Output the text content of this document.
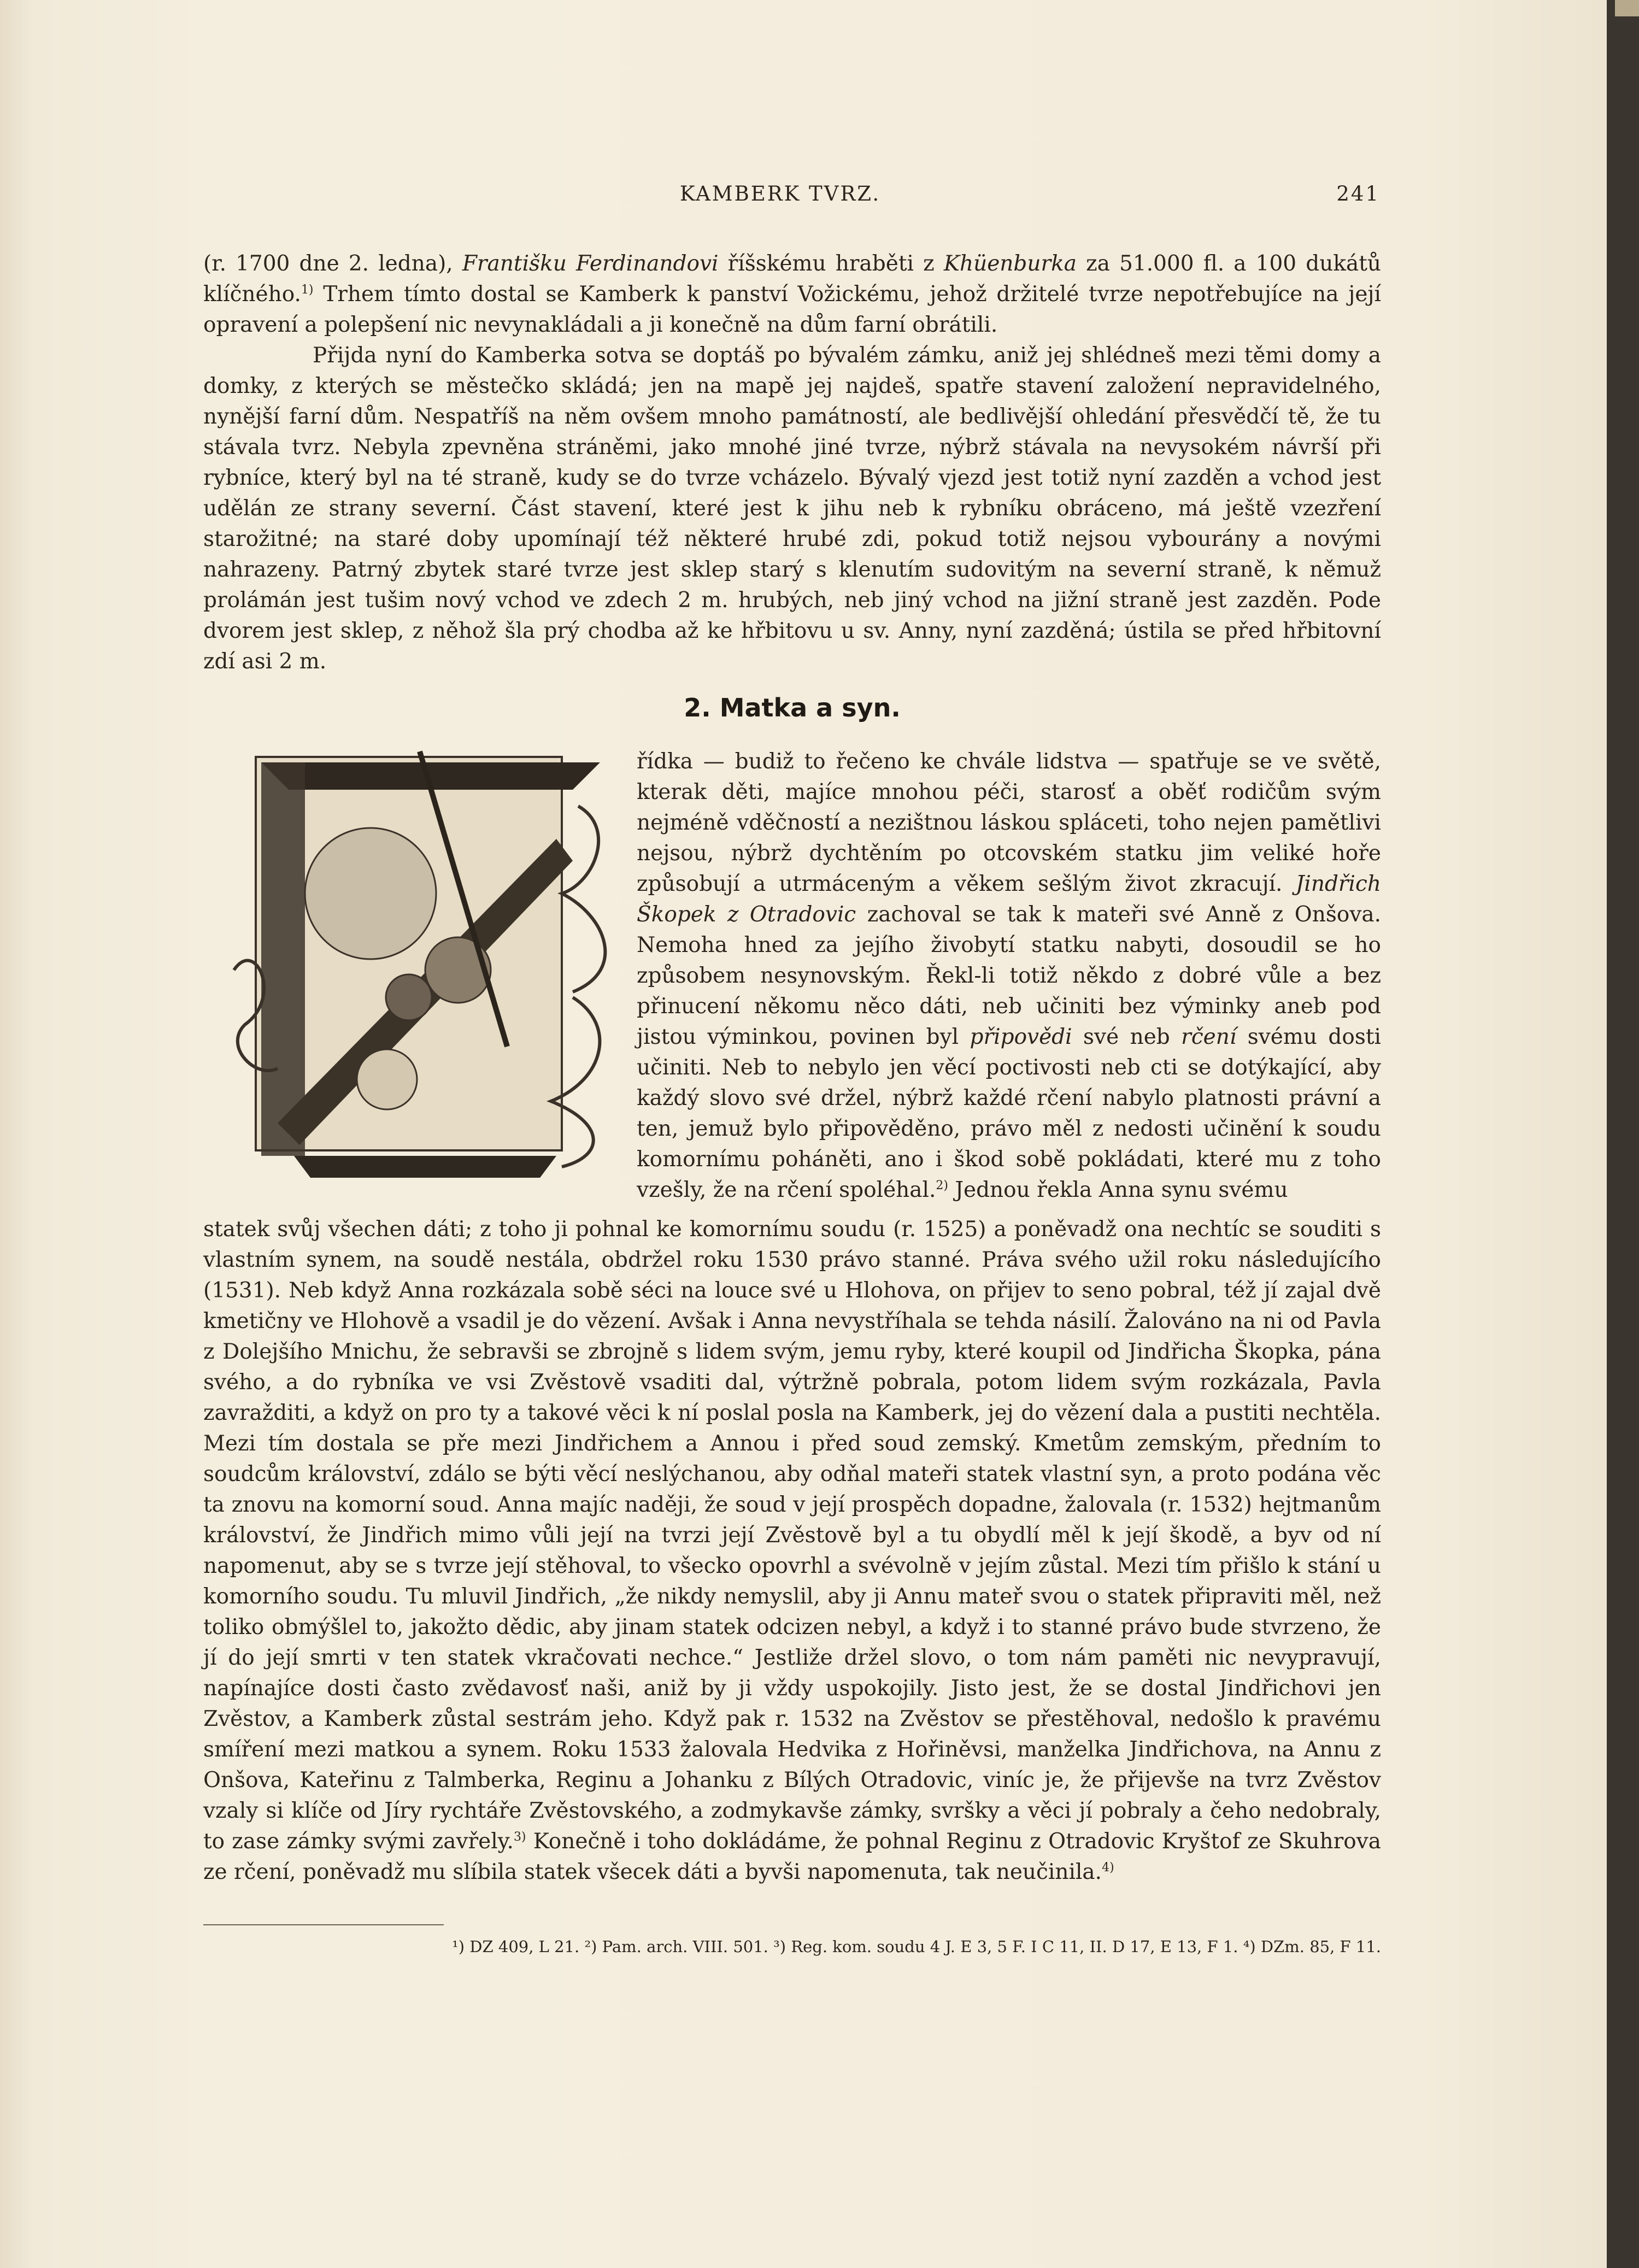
KAMBERK TVRZ.	241

(r. 1700 dne 2. ledna), Františku Ferdinandovi říšskému hraběti z Khüenburka za 51.000 fl. a 100 dukátů klíčného.$^{1)}$ Trhem tímto dostal se Kamberk k panství Vožickému, jehož držitelé tvrze nepotřebujíce na její opravení a polepšení nic nevynakládali a ji konečně na dům farní obrátili.

Přijda nyní do Kamberka sotva se doptáš po bývalém zámku, aniž jej shlédneš mezi těmi domy a domky, z kterých se městečko skládá; jen na mapě jej najdeš, spatře stavení založení nepravidelného, nynější farní dům. Nespatříš na něm ovšem mnoho památností, ale bedlivější ohledání přesvědčí tě, že tu stávala tvrz. Nebyla zpevněna stráněmi, jako mnohé jiné tvrze, nýbrž stávala na nevysokém návrší při rybníce, který byl na té straně, kudy se do tvrze vcházelo. Bývalý vjezd jest totiž nyní zazděn a vchod jest udělán ze strany severní. Část stavení, které jest k jihu neb k rybníku obráceno, má ještě vzezření starožitné; na staré doby upomínají též některé hrubé zdi, pokud totiž nejsou vybourány a novými nahrazeny. Patrný zbytek staré tvrze jest sklep starý s klenutím sudovitým na severní straně, k němuž prolámán jest tušim nový vchod ve zdech 2 m. hrubých, neb jiný vchod na jižní straně jest zazděn. Pode dvorem jest sklep, z něhož šla prý chodba až ke hřbitovu u sv. Anny, nyní zazděná; ústila se před hřbitovní zdí asi 2 m.

2. Matka a syn.
řídka — budiž to řečeno ke chvále lidstva — spatřuje se ve světě, kterak děti, majíce mnohou péči, starosť a oběť rodičům svým nejméně vděčností a nezištnou láskou spláceti, toho nejen pamětlivi nejsou, nýbrž dychtěním po otcovském statku jim veliké hoře způsobují a utrmáceným a věkem sešlým život zkracují. Jindřich Škopek z Otradovic zachoval se tak k mateři své Anně z Onšova. Nemoha hned za jejího živobytí statku nabyti, dosoudil se ho způsobem nesynovským. Řekl-li totiž někdo z dobré vůle a bez přinucení někomu něco dáti, neb učiniti bez výminky aneb pod jistou výminkou, povinen byl připovědi své neb rčení svému dosti učiniti. Neb to nebylo jen věcí poctivosti neb cti se dotýkající, aby každý slovo své držel, nýbrž každé rčení nabylo platnosti právní a ten, jemuž bylo připověděno, právo měl z nedosti učinění k soudu komornímu poháněti, ano i škod sobě pokládati, které mu z toho vzešly, že na rčení spoléhal.$^{2)}$ Jednou řekla Anna synu svému
statek svůj všechen dáti; z toho ji pohnal ke komornímu soudu (r. 1525) a poněvadž ona nechtíc se souditi s vlastním synem, na soudě nestála, obdržel roku 1530 právo stanné. Práva svého užil roku následujícího (1531). Neb když Anna rozkázala sobě séci na louce své u Hlohova, on přijev to seno pobral, též jí zajal dvě kmetičny ve Hlohově a vsadil je do vězení. Avšak i Anna nevystříhala se tehda násilí. Žalováno na ni od Pavla z Dolejšího Mnichu, že sebravši se zbrojně s lidem svým, jemu ryby, které koupil od Jindřicha Škopka, pána svého, a do rybníka ve vsi Zvěstově vsaditi dal, výtržně pobrala, potom lidem svým rozkázala, Pavla zavražditi, a když on pro ty a takové věci k ní poslal posla na Kamberk, jej do vězení dala a pustiti nechtěla. Mezi tím dostala se pře mezi Jindřichem a Annou i před soud zemský. Kmetům zemským, předním to soudcům království, zdálo se býti věcí neslýchanou, aby odňal mateři statek vlastní syn, a proto podána věc ta znovu na komorní soud. Anna majíc naději, že soud v její prospěch dopadne, žalovala (r. 1532) hejtmanům království, že Jindřich mimo vůli její na tvrzi její Zvěstově byl a tu obydlí měl k její škodě, a byv od ní napomenut, aby se s tvrze její stěhoval, to všecko opovrhl a svévolně v jejím zůstal. Mezi tím přišlo k stání u komorního soudu. Tu mluvil Jindřich, „že nikdy nemyslil, aby ji Annu mateř svou o statek připraviti měl, než toliko obmýšlel to, jakožto dědic, aby jinam statek odcizen nebyl, a když i to stanné právo bude stvrzeno, že jí do její smrti v ten statek vkračovati nechce.“ Jestliže držel slovo, o tom nám paměti nic nevypravují, napínajíce dosti často zvědavosť naši, aniž by ji vždy uspokojily. Jisto jest, že se dostal Jindřichovi jen Zvěstov, a Kamberk zůstal sestrám jeho. Když pak r. 1532 na Zvěstov se přestěhoval, nedošlo k pravému smíření mezi matkou a synem. Roku 1533 žalovala Hedvika z Hořiněvsi, manželka Jindřichova, na Annu z Onšova, Kateřinu z Talmberka, Reginu a Johanku z Bílých Otradovic, viníc je, že přijevše na tvrz Zvěstov vzaly si klíče od Jíry rychtáře Zvěstovského, a zodmykavše zámky, svršky a věci jí pobraly a čeho nedobraly, to zase zámky svými zavřely.$^{3)}$ Konečně i toho dokládáme, že pohnal Reginu z Otradovic Kryštof ze Skuhrova ze rčení, poněvadž mu slíbila statek všecek dáti a byvši napomenuta, tak neučinila.$^{4)}$
¹) DZ 409, L 21. ²) Pam. arch. VIII. 501. ³) Reg. kom. soudu 4 J. E 3, 5 F. I C 11, II. D 17, E 13, F 1. ⁴) DZm. 85, F 11.
